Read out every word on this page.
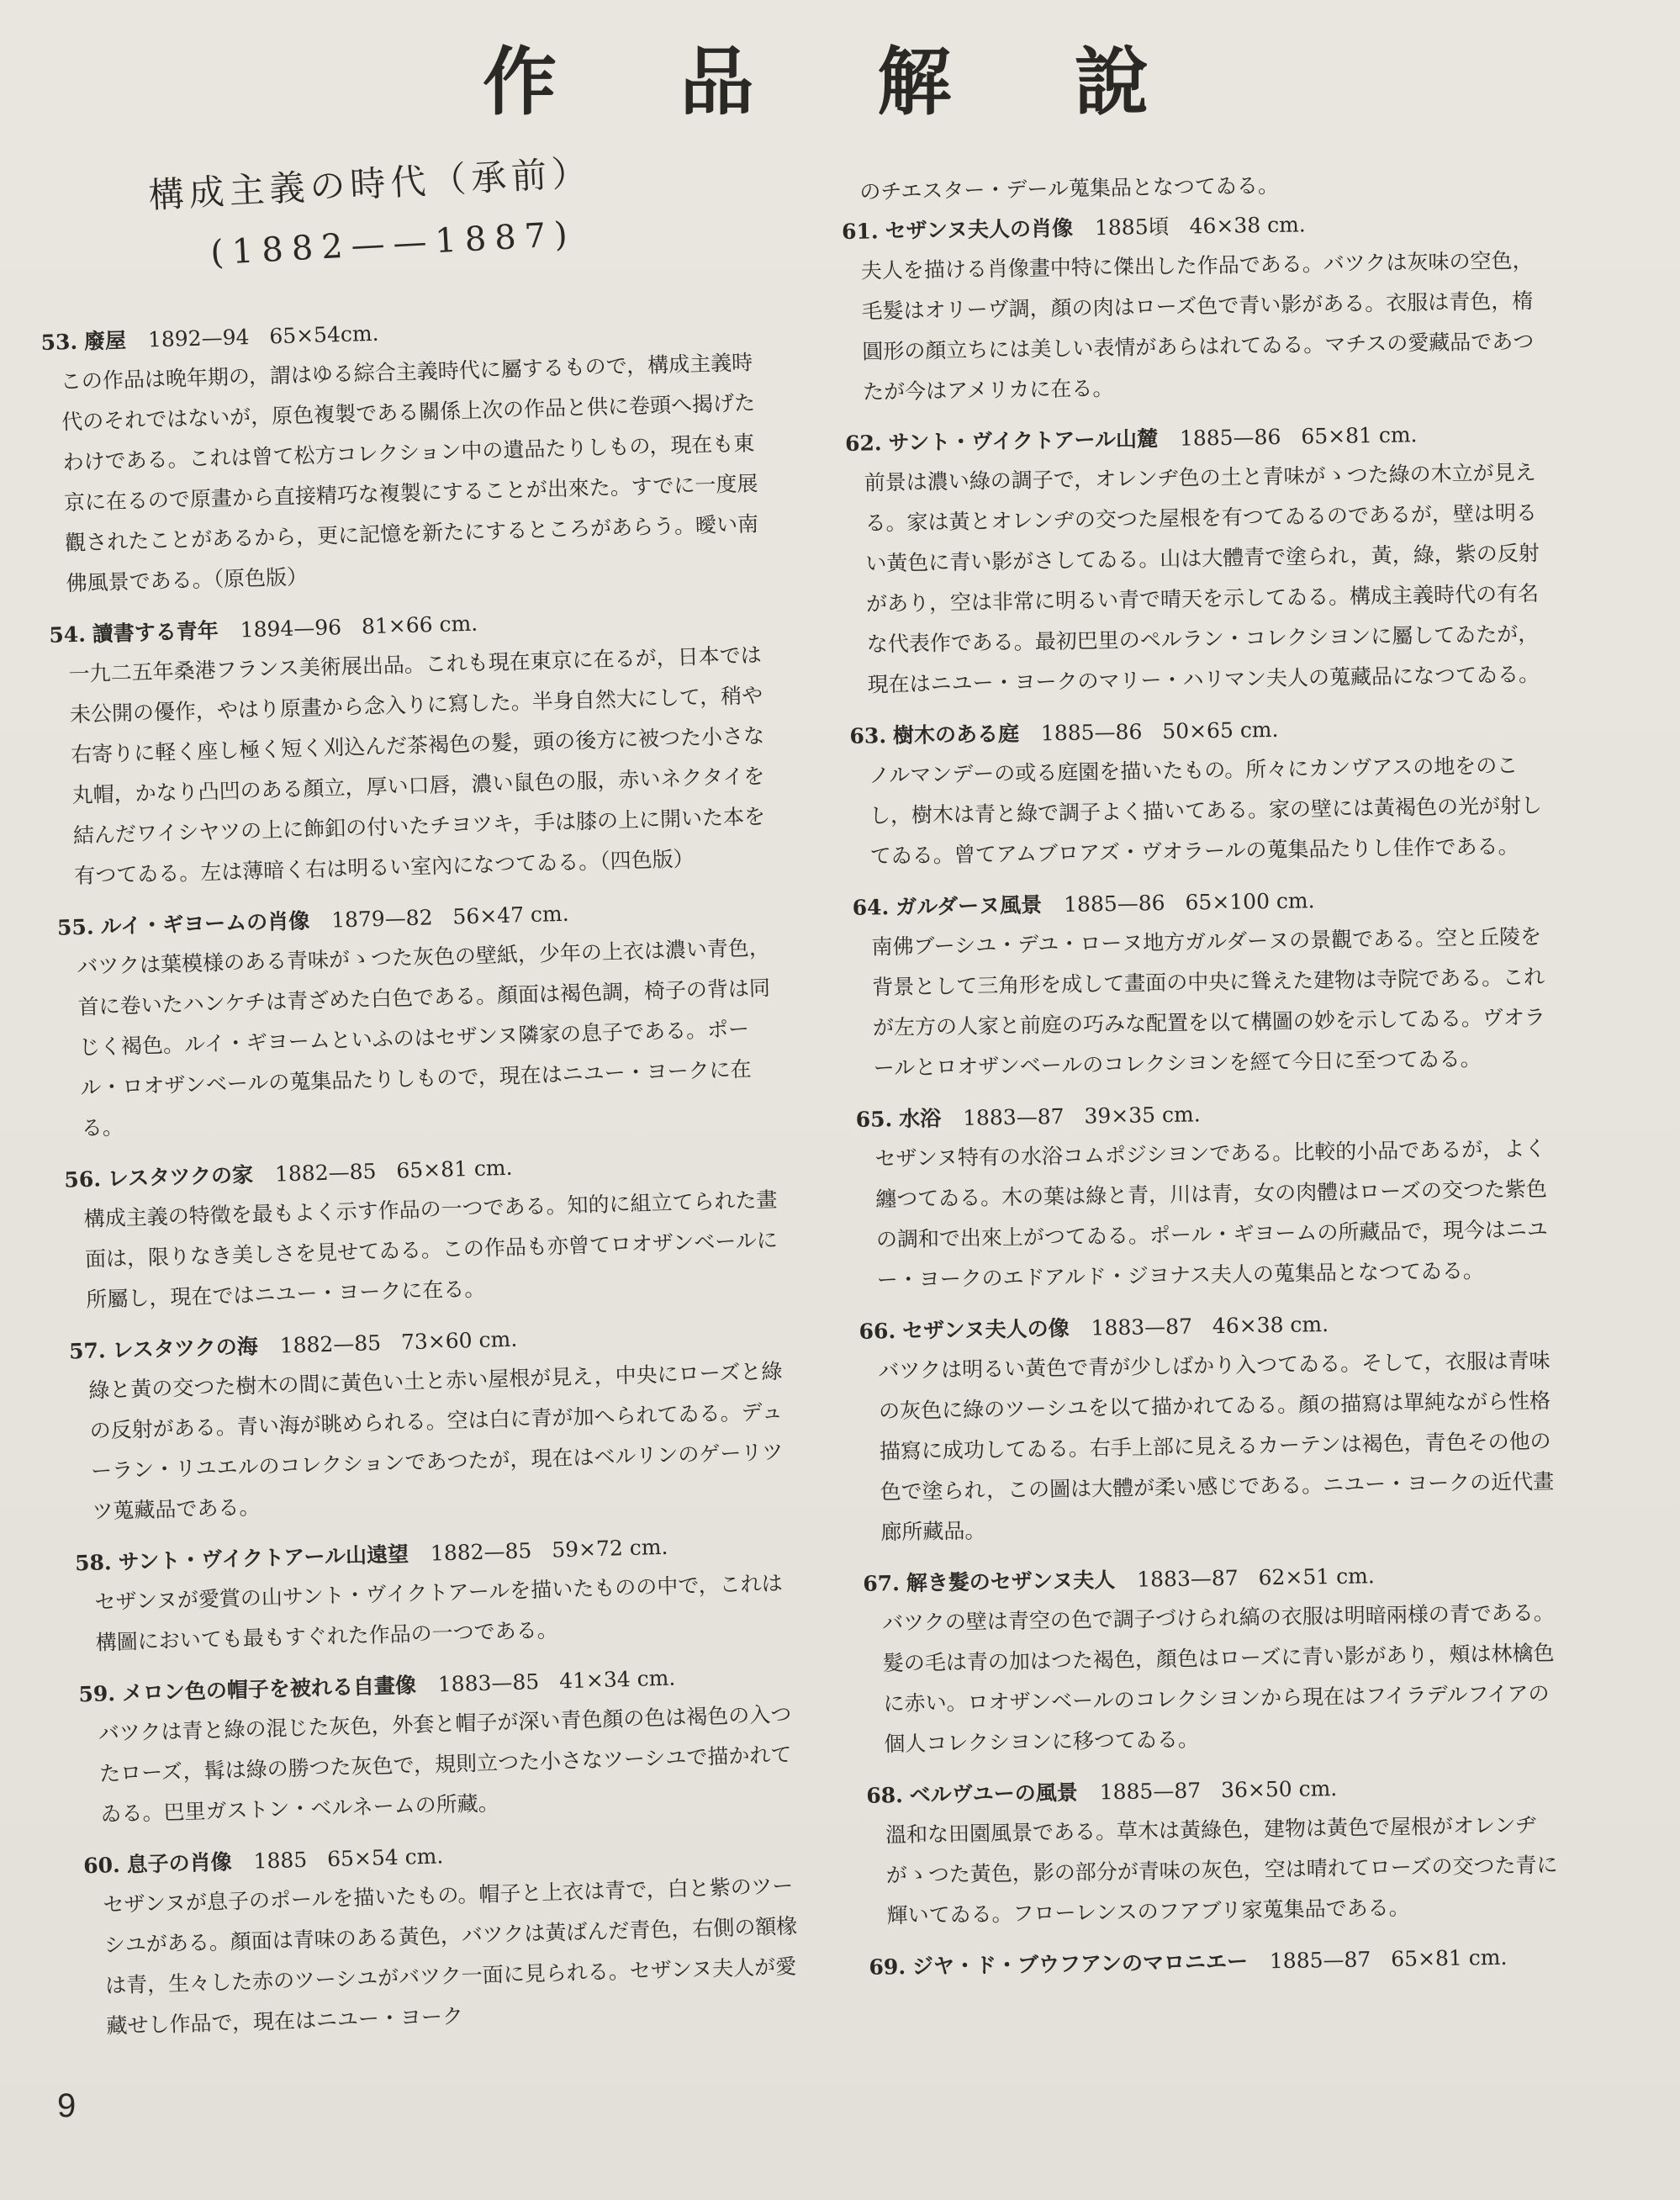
作 品 解 說
構成主義の時代（承前）
(1882——1887)

53. 廢屋 1892—94 65×54cm.

この作品は晩年期の，謂はゆる綜合主義時代に屬するもので，構成主義時代のそれではないが，原色複製である關係上次の作品と供に卷頭へ揭げたわけである。これは曾て松方コレクション中の遺品たりしもの，現在も東京に在るので原畫から直接精巧な複製にすることが出來た。すでに一度展觀されたことがあるから，更に記憶を新たにするところがあらう。曖い南佛風景である。（原色版）

54. 讀書する青年 1894—96 81×66 cm.

一九二五年桑港フランス美術展出品。これも現在東京に在るが，日本では未公開の優作，やはり原畫から念入りに寫した。半身自然大にして，稍や右寄りに軽く座し極く短く刈込んだ茶褐色の髮，頭の後方に被つた小さな丸帽，かなり凸凹のある顏立，厚い口唇，濃い鼠色の服，赤いネクタイを結んだワイシヤツの上に飾釦の付いたチヨツキ，手は膝の上に開いた本を有つてゐる。左は薄暗く右は明るい室內になつてゐる。（四色版）

55. ルイ・ギヨームの肖像 1879—82 56×47 cm.

バツクは葉模様のある青味がゝつた灰色の壁紙，少年の上衣は濃い青色，首に卷いたハンケチは青ざめた白色である。顏面は褐色調，椅子の背は同じく褐色。ルイ・ギヨームといふのはセザンヌ隣家の息子である。ポール・ロオザンベールの蒐集品たりしもので，現在はニユー・ヨークに在る。

56. レスタツクの家 1882—85 65×81 cm.

構成主義の特徵を最もよく示す作品の一つである。知的に組立てられた畫面は，限りなき美しさを見せてゐる。この作品も亦曾てロオザンベールに所屬し，現在ではニユー・ヨークに在る。

57. レスタツクの海 1882—85 73×60 cm.

綠と黃の交つた樹木の間に黃色い土と赤い屋根が見え，中央にローズと綠の反射がある。青い海が眺められる。空は白に青が加へられてゐる。デューラン・リユエルのコレクションであつたが，現在はベルリンのゲーリツツ蒐藏品である。

58. サント・ヴイクトアール山遠望 1882—85 59×72 cm.

セザンヌが愛賞の山サント・ヴイクトアールを描いたものの中で，これは構圖においても最もすぐれた作品の一つである。

59. メロン色の帽子を被れる自畫像 1883—85 41×34 cm.

バツクは青と綠の混じた灰色，外套と帽子が深い青色顏の色は褐色の入つたローズ，髯は綠の勝つた灰色で，規則立つた小さなツーシユで描かれてゐる。巴里ガストン・ベルネームの所藏。

60. 息子の肖像 1885 65×54 cm.

セザンヌが息子のポールを描いたもの。帽子と上衣は青で，白と紫のツーシユがある。顏面は青味のある黃色，バツクは黃ばんだ青色，右側の額椽は青，生々した赤のツーシユがバツク一面に見られる。セザンヌ夫人が愛藏せし作品で，現在はニユー・ヨーク

のチエスター・デール蒐集品となつてゐる。

61. セザンヌ夫人の肖像 1885頃 46×38 cm.

夫人を描ける肖像畫中特に傑出した作品である。バツクは灰味の空色，毛髮はオリーヴ調，顏の肉はローズ色で青い影がある。衣服は青色，楕圓形の顏立ちには美しい表情があらはれてゐる。マチスの愛藏品であつたが今はアメリカに在る。

62. サント・ヴイクトアール山麓 1885—86 65×81 cm.

前景は濃い綠の調子で，オレンヂ色の土と青味がゝつた綠の木立が見える。家は黃とオレンヂの交つた屋根を有つてゐるのであるが，壁は明るい黃色に青い影がさしてゐる。山は大體青で塗られ，黃，綠，紫の反射があり，空は非常に明るい青で晴天を示してゐる。構成主義時代の有名な代表作である。最初巴里のペルラン・コレクシヨンに屬してゐたが，現在はニユー・ヨークのマリー・ハリマン夫人の蒐藏品になつてゐる。

63. 樹木のある庭 1885—86 50×65 cm.

ノルマンデーの或る庭園を描いたもの。所々にカンヴアスの地をのこし，樹木は青と綠で調子よく描いてある。家の壁には黃褐色の光が射してゐる。曾てアムブロアズ・ヴオラールの蒐集品たりし佳作である。

64. ガルダーヌ風景 1885—86 65×100 cm.

南佛ブーシユ・デユ・ローヌ地方ガルダーヌの景觀である。空と丘陵を背景として三角形を成して畫面の中央に聳えた建物は寺院である。これが左方の人家と前庭の巧みな配置を以て構圖の妙を示してゐる。ヴオラールとロオザンベールのコレクシヨンを經て今日に至つてゐる。

65. 水浴 1883—87 39×35 cm.

セザンヌ特有の水浴コムポジシヨンである。比較的小品であるが，よく纏つてゐる。木の葉は綠と青，川は青，女の肉體はローズの交つた紫色の調和で出來上がつてゐる。ポール・ギヨームの所藏品で，現今はニユー・ヨークのエドアルド・ジヨナス夫人の蒐集品となつてゐる。

66. セザンヌ夫人の像 1883—87 46×38 cm.

バツクは明るい黃色で青が少しばかり入つてゐる。そして，衣服は青味の灰色に綠のツーシユを以て描かれてゐる。顏の描寫は單純ながら性格描寫に成功してゐる。右手上部に見えるカーテンは褐色，青色その他の色で塗られ，この圖は大體が柔い感じである。ニユー・ヨークの近代畫廊所藏品。

67. 解き髮のセザンヌ夫人 1883—87 62×51 cm.

バツクの壁は青空の色で調子づけられ縞の衣服は明暗兩様の青である。髮の毛は青の加はつた褐色，顏色はローズに青い影があり，頰は林檎色に赤い。ロオザンベールのコレクシヨンから現在はフイラデルフイアの個人コレクシヨンに移つてゐる。

68. ベルヴユーの風景 1885—87 36×50 cm.

溫和な田園風景である。草木は黃綠色，建物は黃色で屋根がオレンヂがゝつた黃色，影の部分が青味の灰色，空は晴れてローズの交つた青に輝いてゐる。フローレンスのフアブリ家蒐集品である。

69. ジヤ・ド・ブウフアンのマロニエー 1885—87 65×81 cm.

9
